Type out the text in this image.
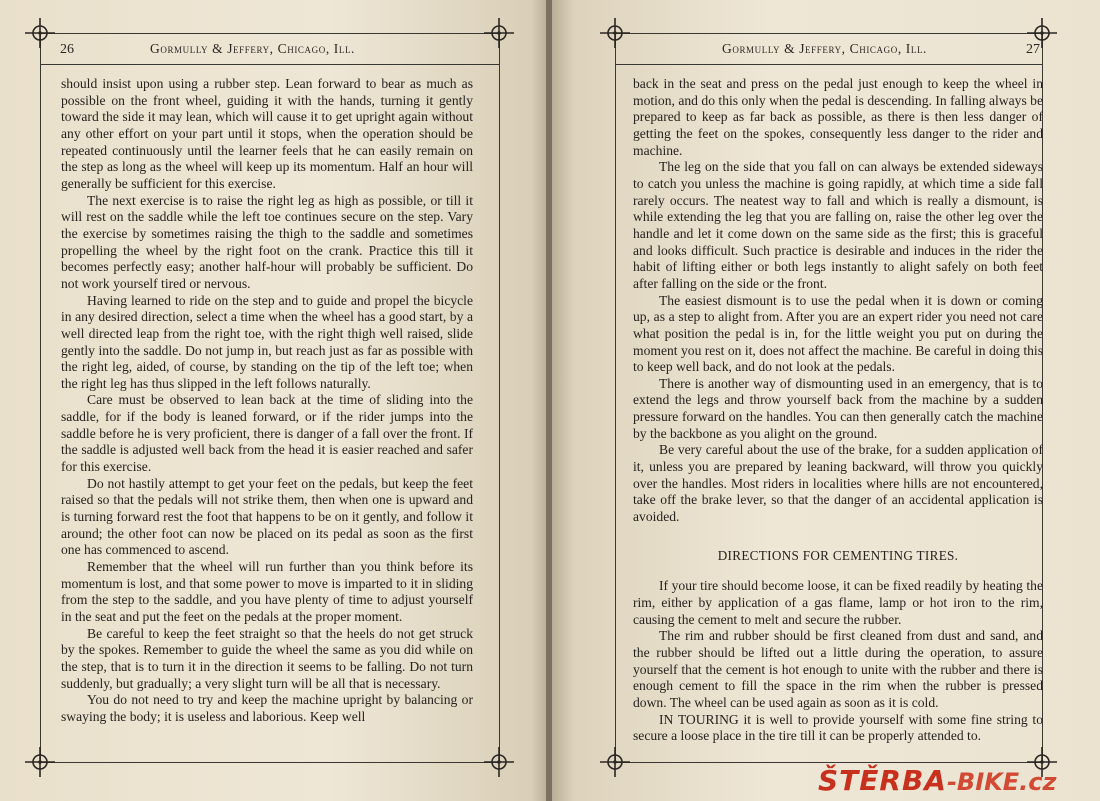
26	Gormully & Jeffery, Chicago, Ill.

should insist upon using a rubber step. Lean forward to bear as much as possible on the front wheel, guiding it with the hands, turning it gently toward the side it may lean, which will cause it to get upright again without any other effort on your part until it stops, when the operation should be repeated continuously until the learner feels that he can easily remain on the step as long as the wheel will keep up its momentum. Half an hour will generally be sufficient for this exercise.

The next exercise is to raise the right leg as high as possible, or till it will rest on the saddle while the left toe continues secure on the step. Vary the exercise by sometimes raising the thigh to the saddle and sometimes propelling the wheel by the right foot on the crank. Practice this till it becomes perfectly easy; another half-hour will probably be sufficient. Do not work yourself tired or nervous.

Having learned to ride on the step and to guide and propel the bicycle in any desired direction, select a time when the wheel has a good start, by a well directed leap from the right toe, with the right thigh well raised, slide gently into the saddle. Do not jump in, but reach just as far as possible with the right leg, aided, of course, by standing on the tip of the left toe; when the right leg has thus slipped in the left follows naturally.

Care must be observed to lean back at the time of sliding into the saddle, for if the body is leaned forward, or if the rider jumps into the saddle before he is very proficient, there is danger of a fall over the front. If the saddle is adjusted well back from the head it is easier reached and safer for this exercise.

Do not hastily attempt to get your feet on the pedals, but keep the feet raised so that the pedals will not strike them, then when one is upward and is turning forward rest the foot that happens to be on it gently, and follow it around; the other foot can now be placed on its pedal as soon as the first one has commenced to ascend.

Remember that the wheel will run further than you think before its momentum is lost, and that some power to move is imparted to it in sliding from the step to the saddle, and you have plenty of time to adjust yourself in the seat and put the feet on the pedals at the proper moment.

Be careful to keep the feet straight so that the heels do not get struck by the spokes. Remember to guide the wheel the same as you did while on the step, that is to turn it in the direction it seems to be falling. Do not turn suddenly, but gradually; a very slight turn will be all that is necessary.

You do not need to try and keep the machine upright by balancing or swaying the body; it is useless and laborious. Keep well

Gormully & Jeffery, Chicago, Ill.	27

back in the seat and press on the pedal just enough to keep the wheel in motion, and do this only when the pedal is descending. In falling always be prepared to keep as far back as possible, as there is then less danger of getting the feet on the spokes, consequently less danger to the rider and machine.

The leg on the side that you fall on can always be extended sideways to catch you unless the machine is going rapidly, at which time a side fall rarely occurs. The neatest way to fall and which is really a dismount, is while extending the leg that you are falling on, raise the other leg over the handle and let it come down on the same side as the first; this is graceful and looks difficult. Such practice is desirable and induces in the rider the habit of lifting either or both legs instantly to alight safely on both feet after falling on the side or the front.

The easiest dismount is to use the pedal when it is down or coming up, as a step to alight from. After you are an expert rider you need not care what position the pedal is in, for the little weight you put on during the moment you rest on it, does not affect the machine. Be careful in doing this to keep well back, and do not look at the pedals.

There is another way of dismounting used in an emergency, that is to extend the legs and throw yourself back from the machine by a sudden pressure forward on the handles. You can then generally catch the machine by the backbone as you alight on the ground.

Be very careful about the use of the brake, for a sudden application of it, unless you are prepared by leaning backward, will throw you quickly over the handles. Most riders in localities where hills are not encountered, take off the brake lever, so that the danger of an accidental application is avoided.

DIRECTIONS FOR CEMENTING TIRES.

If your tire should become loose, it can be fixed readily by heating the rim, either by application of a gas flame, lamp or hot iron to the rim, causing the cement to melt and secure the rubber.

The rim and rubber should be first cleaned from dust and sand, and the rubber should be lifted out a little during the operation, to assure yourself that the cement is hot enough to unite with the rubber and there is enough cement to fill the space in the rim when the rubber is pressed down. The wheel can be used again as soon as it is cold.

IN TOURING it is well to provide yourself with some fine string to secure a loose place in the tire till it can be properly attended to.

ŠTĚRBA-BIKE.cz
